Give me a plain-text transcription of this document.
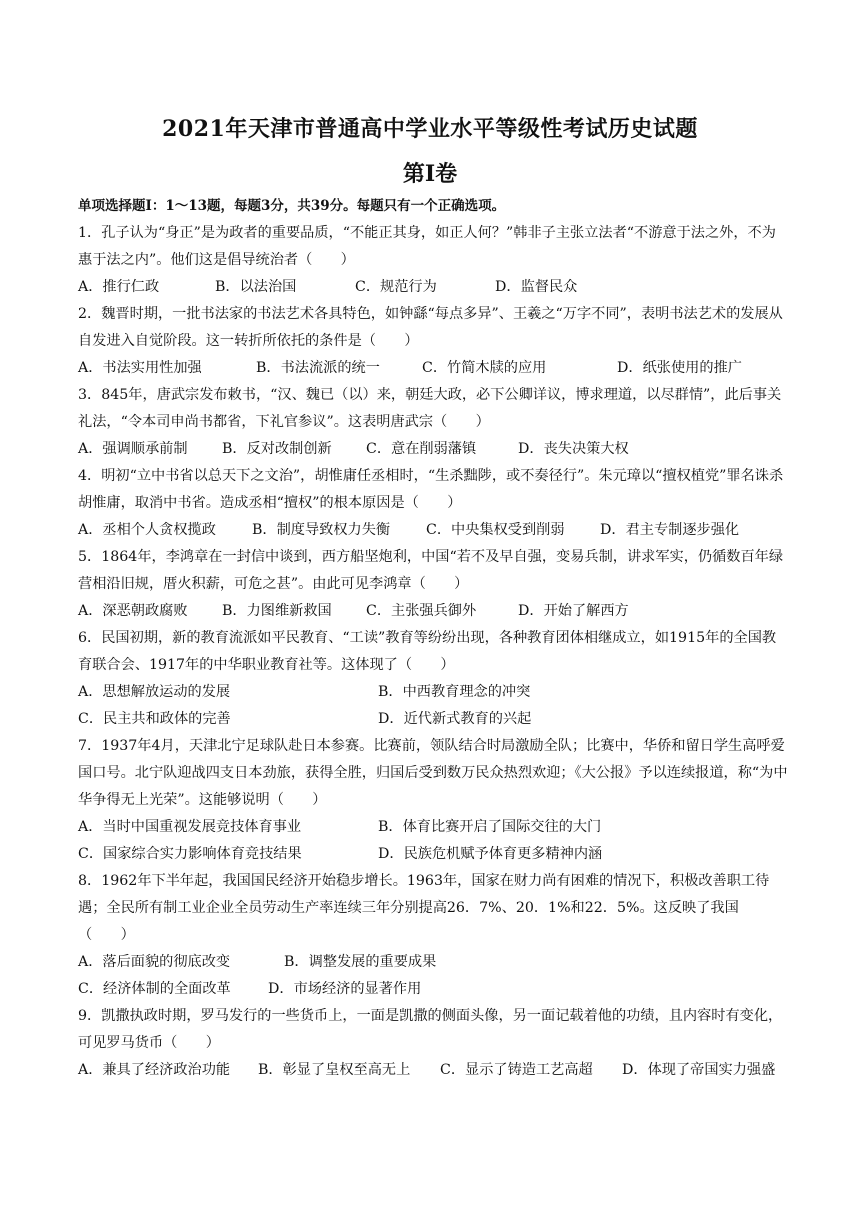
2021年天津市普通高中学业水平等级性考试历史试题
第Ⅰ卷
单项选择题Ⅰ：1～13题，每题3分，共39分。每题只有一个正确选项。
1．孔子认为“身正”是为政者的重要品质，“不能正其身，如正人何？”韩非子主张立法者“不游意于法之外，不为惠于法之内”。他们这是倡导统治者（　　）
A．推行仁政	B．以法治国	C．规范行为	D．监督民众
2．魏晋时期，一批书法家的书法艺术各具特色，如钟繇“每点多异”、王羲之“万字不同”，表明书法艺术的发展从自发进入自觉阶段。这一转折所依托的条件是（　　）
A．书法实用性加强	B．书法流派的统一	C．竹简木牍的应用	D．纸张使用的推广
3．845年，唐武宗发布敕书，“汉、魏已（以）来，朝廷大政，必下公卿详议，博求理道，以尽群情”，此后事关礼法，“令本司申尚书都省，下礼官参议”。这表明唐武宗（　　）
A．强调顺承前制 B．反对改制创新 C．意在削弱藩镇	D．丧失决策大权
4．明初“立中书省以总天下之文治”，胡惟庸任丞相时，“生杀黜陟，或不奏径行”。朱元璋以“擅权植党”罪名诛杀胡惟庸，取消中书省。造成丞相“擅权”的根本原因是（　　）
A．丞相个人贪权揽政	B．制度导致权力失衡	C．中央集权受到削弱 D．君主专制逐步强化
5．1864年，李鸿章在一封信中谈到，西方船坚炮利，中国“若不及早自强，变易兵制，讲求军实，仍循数百年绿营相沿旧规，厝火积薪，可危之甚”。由此可见李鸿章（　　）
A．深恶朝政腐败 B．力图维新救国 C．主张强兵御外	D．开始了解西方
6．民国初期，新的教育流派如平民教育、“工读”教育等纷纷出现，各种教育团体相继成立，如1915年的全国教育联合会、1917年的中华职业教育社等。这体现了（　　）
A．思想解放运动的发展	B．中西教育理念的冲突
C．民主共和政体的完善	D．近代新式教育的兴起
7．1937年4月，天津北宁足球队赴日本参赛。比赛前，领队结合时局激励全队；比赛中，华侨和留日学生高呼爱国口号。北宁队迎战四支日本劲旅，获得全胜，归国后受到数万民众热烈欢迎；《大公报》予以连续报道，称“为中华争得无上光荣”。这能够说明（　　）
A．当时中国重视发展竞技体育事业	B．体育比赛开启了国际交往的大门
C．国家综合实力影响体育竞技结果	D．民族危机赋予体育更多精神内涵
8．1962年下半年起，我国国民经济开始稳步增长。1963年，国家在财力尚有困难的情况下，积极改善职工待遇；全民所有制工业企业全员劳动生产率连续三年分别提高26．7%、20．1%和22．5%。这反映了我国（　　）
A．落后面貌的彻底改变	B．调整发展的重要成果
C．经济体制的全面改革	D．市场经济的显著作用
9．凯撒执政时期，罗马发行的一些货币上，一面是凯撒的侧面头像，另一面记载着他的功绩，且内容时有变化，可见罗马货币（　　）
A．兼具了经济政治功能 B．彰显了皇权至高无上 C．显示了铸造工艺高超 D．体现了帝国实力强盛
